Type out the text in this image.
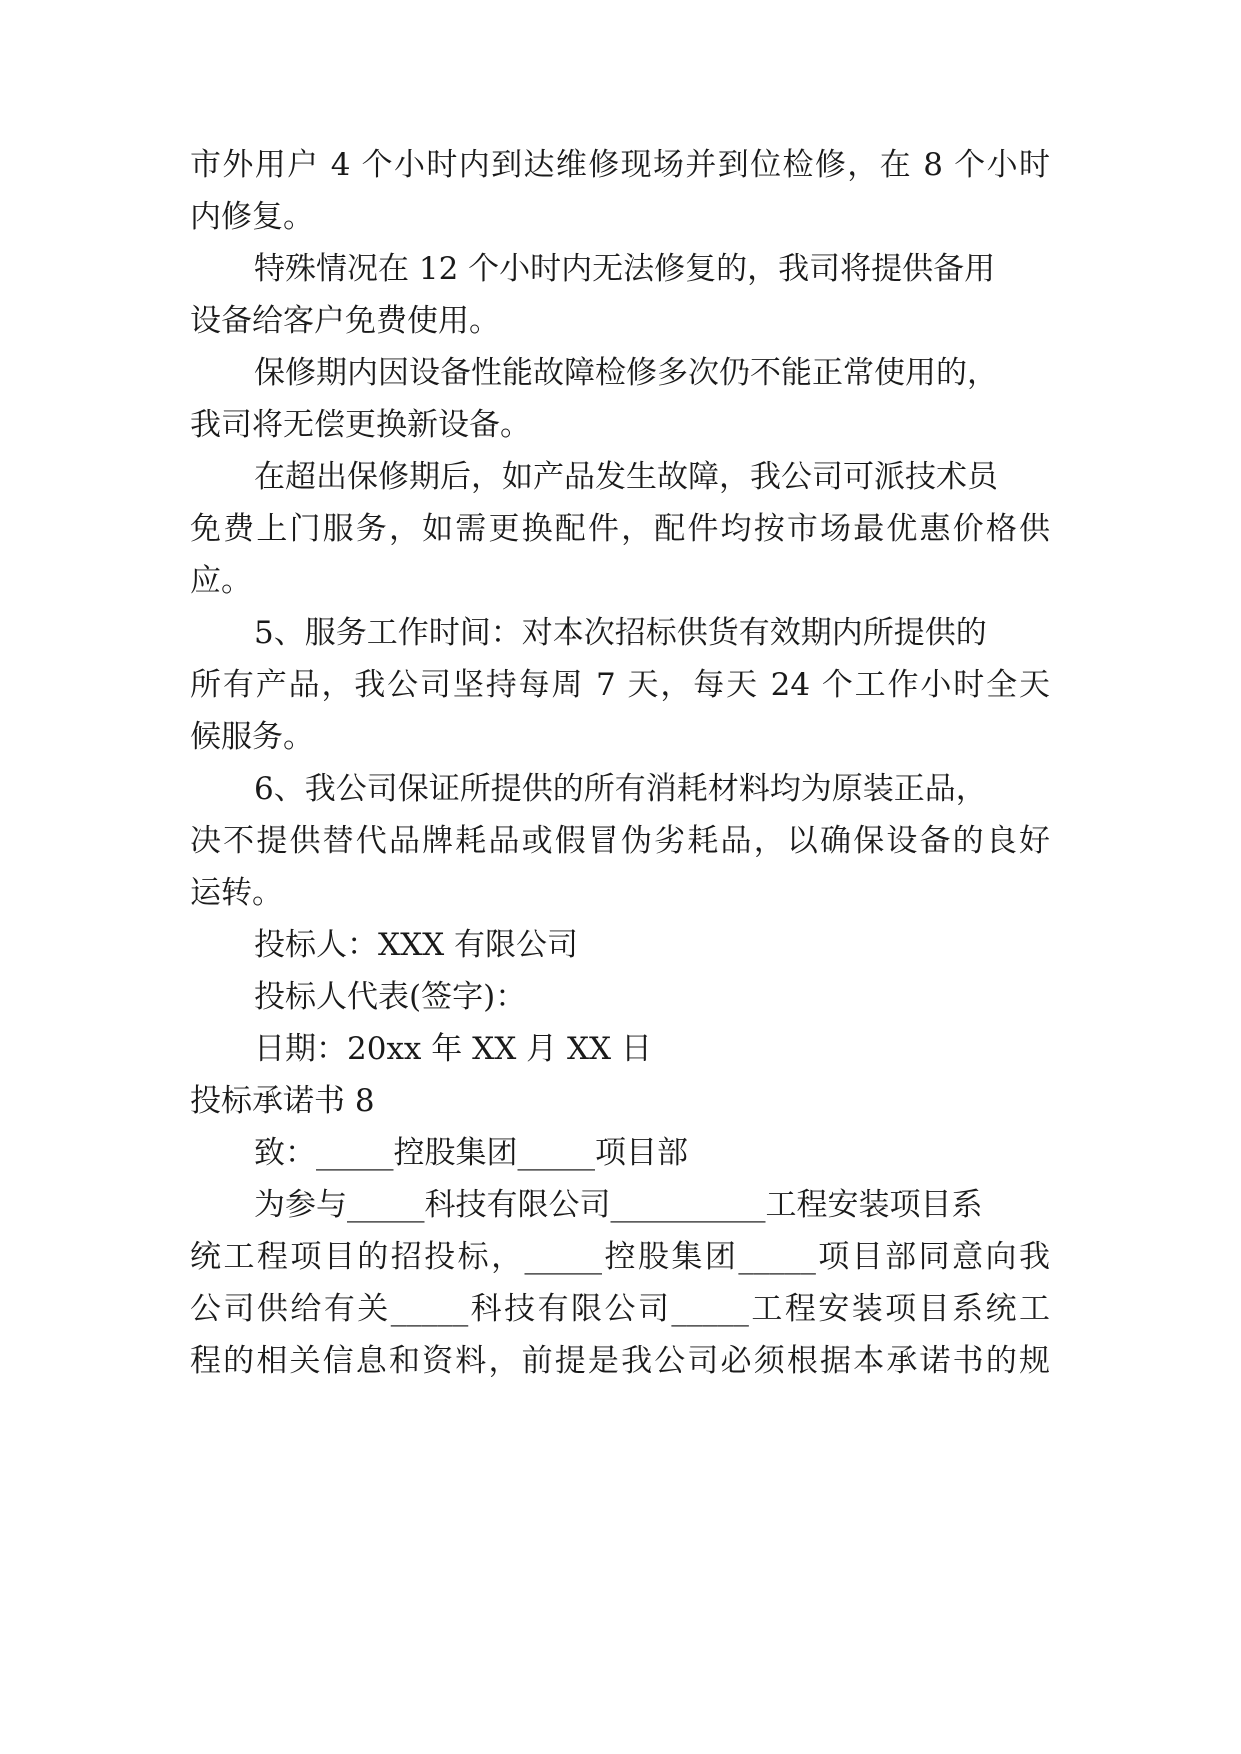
市外用户 4 个小时内到达维修现场并到位检修，在 8 个小时

内修复。

特殊情况在 12 个小时内无法修复的，我司将提供备用

设备给客户免费使用。

保修期内因设备性能故障检修多次仍不能正常使用的，

我司将无偿更换新设备。

在超出保修期后，如产品发生故障，我公司可派技术员

免费上门服务，如需更换配件，配件均按市场最优惠价格供

应。

5、服务工作时间：对本次招标供货有效期内所提供的

所有产品，我公司坚持每周 7 天，每天 24 个工作小时全天

候服务。

6、我公司保证所提供的所有消耗材料均为原装正品，

决不提供替代品牌耗品或假冒伪劣耗品，以确保设备的良好

运转。

投标人：XXX 有限公司

投标人代表(签字)：

日期：20xx 年 XX 月 XX 日

投标承诺书 8

致：_____控股集团_____项目部

为参与_____科技有限公司__________工程安装项目系

统工程项目的招投标，_____控股集团_____项目部同意向我

公司供给有关_____科技有限公司_____工程安装项目系统工

程的相关信息和资料，前提是我公司必须根据本承诺书的规
